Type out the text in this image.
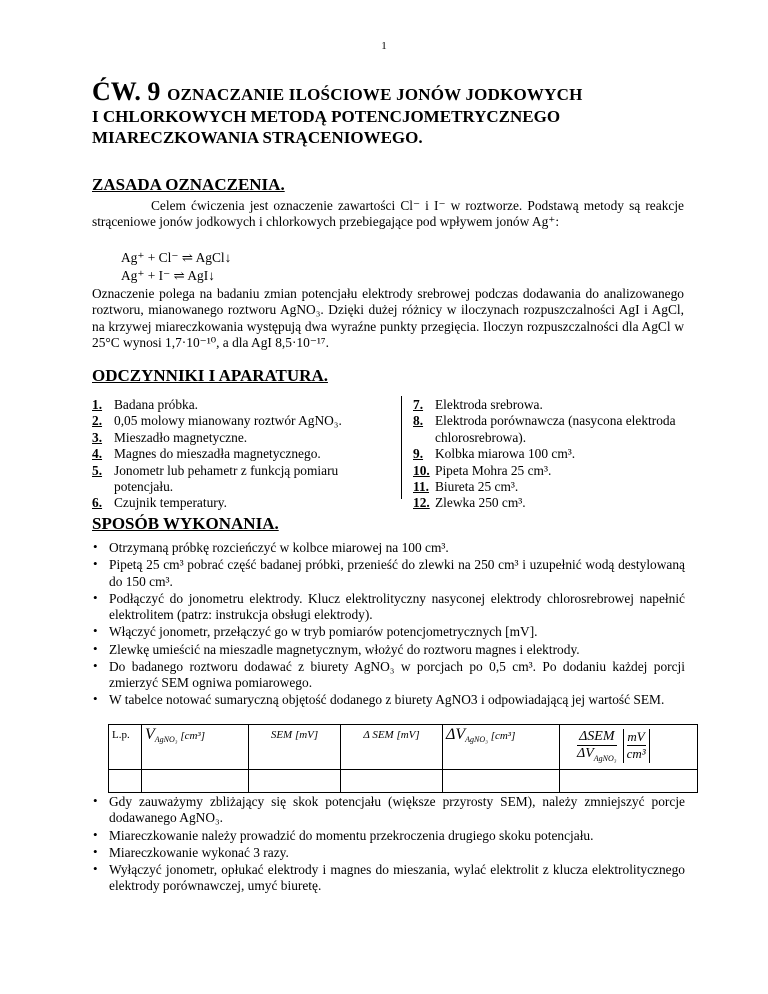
1
ĆW. 9 OZNACZANIE ILOŚCIOWE JONÓW JODKOWYCH
I CHLORKOWYCH METODĄ POTENCJOMETRYCZNEGO
MIARECZKOWANIA STRĄCENIOWEGO.
ZASADA OZNACZENIA.

Celem ćwiczenia jest oznaczenie zawartości Cl⁻ i I⁻ w roztworze. Podstawą metody są reakcje strąceniowe jonów jodkowych i chlorkowych przebiegające pod wpływem jonów Ag⁺:

Ag⁺ + Cl⁻ ⇌ AgCl↓
Ag⁺ + I⁻ ⇌ AgI↓

Oznaczenie polega na badaniu zmian potencjału elektrody srebrowej podczas dodawania do analizowanego roztworu, mianowanego roztworu AgNO₃. Dzięki dużej różnicy w iloczynach rozpuszczalności AgI i AgCl, na krzywej miareczkowania występują dwa wyraźne punkty przegięcia. Iloczyn rozpuszczalności dla AgCl w 25°C wynosi 1,7·10⁻¹⁰, a dla AgI 8,5·10⁻¹⁷.

ODCZYNNIKI I APARATURA.
1. Badana próbka.
2. 0,05 molowy mianowany roztwór AgNO₃.
3. Mieszadło magnetyczne.
4. Magnes do mieszadła magnetycznego.
5. Jonometr lub pehametr z funkcją pomiaru potencjału.
6. Czujnik temperatury.
7. Elektroda srebrowa.
8. Elektroda porównawcza (nasycona elektroda chlorosrebrowa).
9. Kolbka miarowa 100 cm³.
10. Pipeta Mohra 25 cm³.
11. Biureta 25 cm³.
12. Zlewka 250 cm³.
SPOSÓB WYKONANIA.
• Otrzymaną próbkę rozcieńczyć w kolbce miarowej na 100 cm³.
• Pipetą 25 cm³ pobrać część badanej próbki, przenieść do zlewki na 250 cm³ i uzupełnić wodą destylowaną do 150 cm³.
• Podłączyć do jonometru elektrody. Klucz elektrolityczny nasyconej elektrody chlorosrebrowej napełnić elektrolitem (patrz: instrukcja obsługi elektrody).
• Włączyć jonometr, przełączyć go w tryb pomiarów potencjometrycznych [mV].
• Zlewkę umieścić na mieszadle magnetycznym, włożyć do roztworu magnes i elektrody.
• Do badanego roztworu dodawać z biurety AgNO₃ w porcjach po 0,5 cm³. Po dodaniu każdej porcji zmierzyć SEM ogniwa pomiarowego.
• W tabelce notować sumaryczną objętość dodanego z biurety AgNO3 i odpowiadającą jej wartość SEM.
L.p.	$V_{AgNO_3}$ [cm³]	SEM [mV]	Δ SEM [mV]	$\Delta V_{AgNO_3}$ [cm³]	ΔSEM
$\Delta V_{AgNO_3}$
mV
cm³

• Gdy zauważymy zbliżający się skok potencjału (większe przyrosty SEM), należy zmniejszyć porcje dodawanego AgNO₃.
• Miareczkowanie należy prowadzić do momentu przekroczenia drugiego skoku potencjału.
• Miareczkowanie wykonać 3 razy.
• Wyłączyć jonometr, opłukać elektrody i magnes do mieszania, wylać elektrolit z klucza elektrolitycznego elektrody porównawczej, umyć biuretę.
